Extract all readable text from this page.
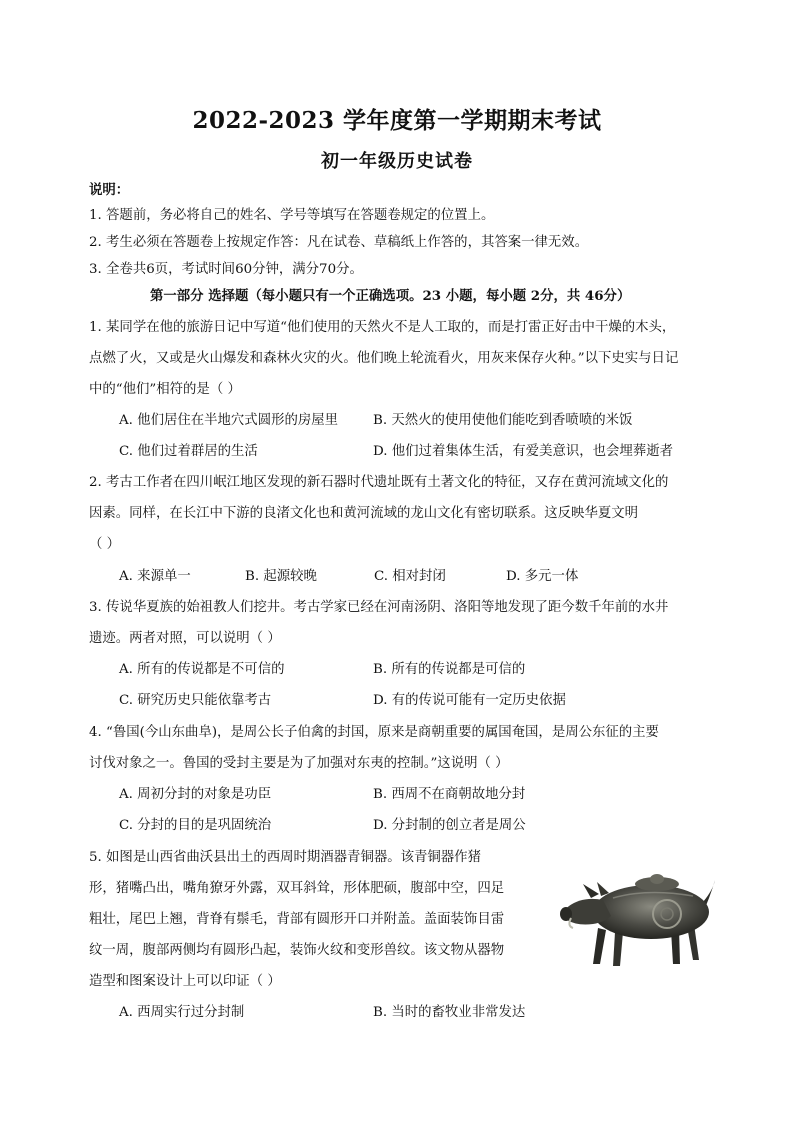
2022-2023 学年度第一学期期末考试
初一年级历史试卷
说明：
1. 答题前，务必将自己的姓名、学号等填写在答题卷规定的位置上。
2. 考生必须在答题卷上按规定作答：凡在试卷、草稿纸上作答的，其答案一律无效。
3. 全卷共6页，考试时间60分钟，满分70分。
第一部分 选择题（每小题只有一个正确选项。23 小题，每小题 2分，共 46分）
1. 某同学在他的旅游日记中写道“他们使用的天然火不是人工取的，而是打雷正好击中干燥的木头，
点燃了火，又或是火山爆发和森林火灾的火。他们晚上轮流看火，用灰来保存火种。”以下史实与日记
中的“他们”相符的是（ ）
A. 他们居住在半地穴式圆形的房屋里	B. 天然火的使用使他们能吃到香喷喷的米饭
C. 他们过着群居的生活	D. 他们过着集体生活，有爱美意识，也会埋葬逝者
2. 考古工作者在四川岷江地区发现的新石器时代遗址既有土著文化的特征，又存在黄河流域文化的
因素。同样，在长江中下游的良渚文化也和黄河流域的龙山文化有密切联系。这反映华夏文明
（ ）
A. 来源单一	B. 起源较晚	C. 相对封闭	D. 多元一体
3. 传说华夏族的始祖教人们挖井。考古学家已经在河南汤阴、洛阳等地发现了距今数千年前的水井
遗迹。两者对照，可以说明（ ）
A. 所有的传说都是不可信的	B. 所有的传说都是可信的
C. 研究历史只能依靠考古	D. 有的传说可能有一定历史依据
4. “鲁国(今山东曲阜)，是周公长子伯禽的封国，原来是商朝重要的属国奄国，是周公东征的主要
讨伐对象之一。鲁国的受封主要是为了加强对东夷的控制。”这说明（ ）
A. 周初分封的对象是功臣	B. 西周不在商朝故地分封
C. 分封的目的是巩固统治	D. 分封制的创立者是周公
5. 如图是山西省曲沃县出土的西周时期酒器青铜器。该青铜器作猪
形，猪嘴凸出，嘴角獠牙外露，双耳斜耸，形体肥硕，腹部中空，四足
粗壮，尾巴上翘，背脊有鬃毛，背部有圆形开口并附盖。盖面装饰目雷
纹一周，腹部两侧均有圆形凸起，装饰火纹和变形兽纹。该文物从器物
造型和图案设计上可以印证（ ）
A. 西周实行过分封制	B. 当时的畜牧业非常发达
